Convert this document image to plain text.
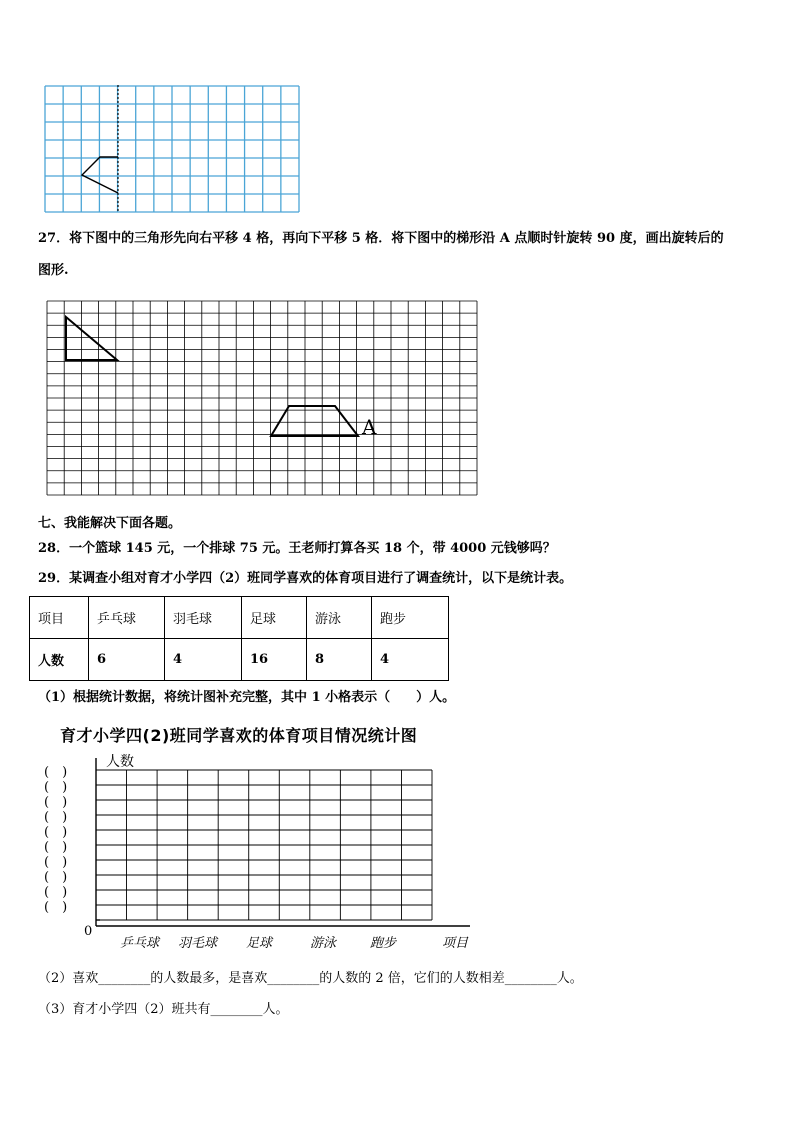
27．将下图中的三角形先向右平移 4 格，再向下平移 5 格．将下图中的梯形沿 A 点顺时针旋转 90 度，画出旋转后的
图形.
A
七、我能解决下面各题。
28．一个篮球 145 元，一个排球 75 元。王老师打算各买 18 个，带 4000 元钱够吗？
29．某调查小组对育才小学四（2）班同学喜欢的体育项目进行了调查统计，以下是统计表。
项目	乒乓球	羽毛球	足球	游泳	跑步
人数	6	4	16	8	4
（1）根据统计数据，将统计图补充完整，其中 1 小格表示（　　）人。
育才小学四(2)班同学喜欢的体育项目情况统计图
(　)
(　)
(　)
(　)
(　)
(　)
(　)
(　)
(　)
(　)
乒乓球 羽毛球 足球	游泳	跑步
人数
0
项目
（2）喜欢________的人数最多，是喜欢________的人数的 2 倍，它们的人数相差________人。
（3）育才小学四（2）班共有________人。
